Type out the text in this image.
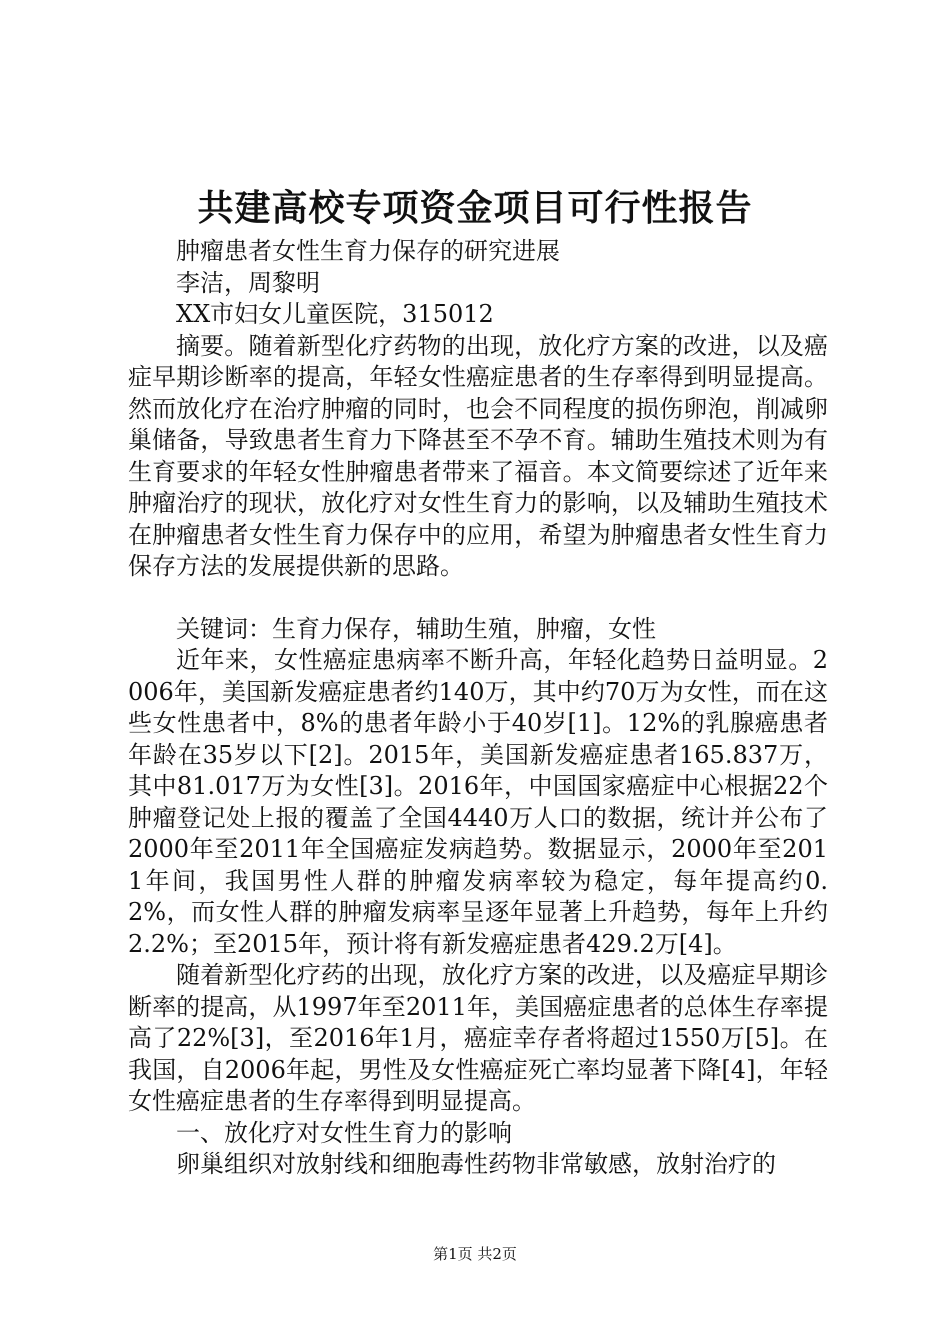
共建高校专项资金项目可行性报告

肿瘤患者女性生育力保存的研究进展

李洁，周黎明

XX市妇女儿童医院，315012

摘要。随着新型化疗药物的出现，放化疗方案的改进，以及癌症早期诊断率的提高，年轻女性癌症患者的生存率得到明显提高。然而放化疗在治疗肿瘤的同时，也会不同程度的损伤卵泡，削减卵巢储备，导致患者生育力下降甚至不孕不育。辅助生殖技术则为有生育要求的年轻女性肿瘤患者带来了福音。本文简要综述了近年来肿瘤治疗的现状，放化疗对女性生育力的影响，以及辅助生殖技术在肿瘤患者女性生育力保存中的应用，希望为肿瘤患者女性生育力保存方法的发展提供新的思路。

关键词：生育力保存，辅助生殖，肿瘤，女性

近年来，女性癌症患病率不断升高，年轻化趋势日益明显。2006年，美国新发癌症患者约140万，其中约70万为女性，而在这些女性患者中，8%的患者年龄小于40岁[1]。12%的乳腺癌患者年龄在35岁以下[2]。2015年，美国新发癌症患者165.837万，其中81.017万为女性[3]。2016年，中国国家癌症中心根据22个肿瘤登记处上报的覆盖了全国4440万人口的数据，统计并公布了2000年至2011年全国癌症发病趋势。数据显示，2000年至2011年间，我国男性人群的肿瘤发病率较为稳定，每年提高约0.2%，而女性人群的肿瘤发病率呈逐年显著上升趋势，每年上升约2.2%；至2015年，预计将有新发癌症患者429.2万[4]。

随着新型化疗药的出现，放化疗方案的改进，以及癌症早期诊断率的提高，从1997年至2011年，美国癌症患者的总体生存率提高了22%[3]，至2016年1月，癌症幸存者将超过1550万[5]。在我国，自2006年起，男性及女性癌症死亡率均显著下降[4]，年轻女性癌症患者的生存率得到明显提高。

一、放化疗对女性生育力的影响

卵巢组织对放射线和细胞毒性药物非常敏感，放射治疗的

第1页 共2页
